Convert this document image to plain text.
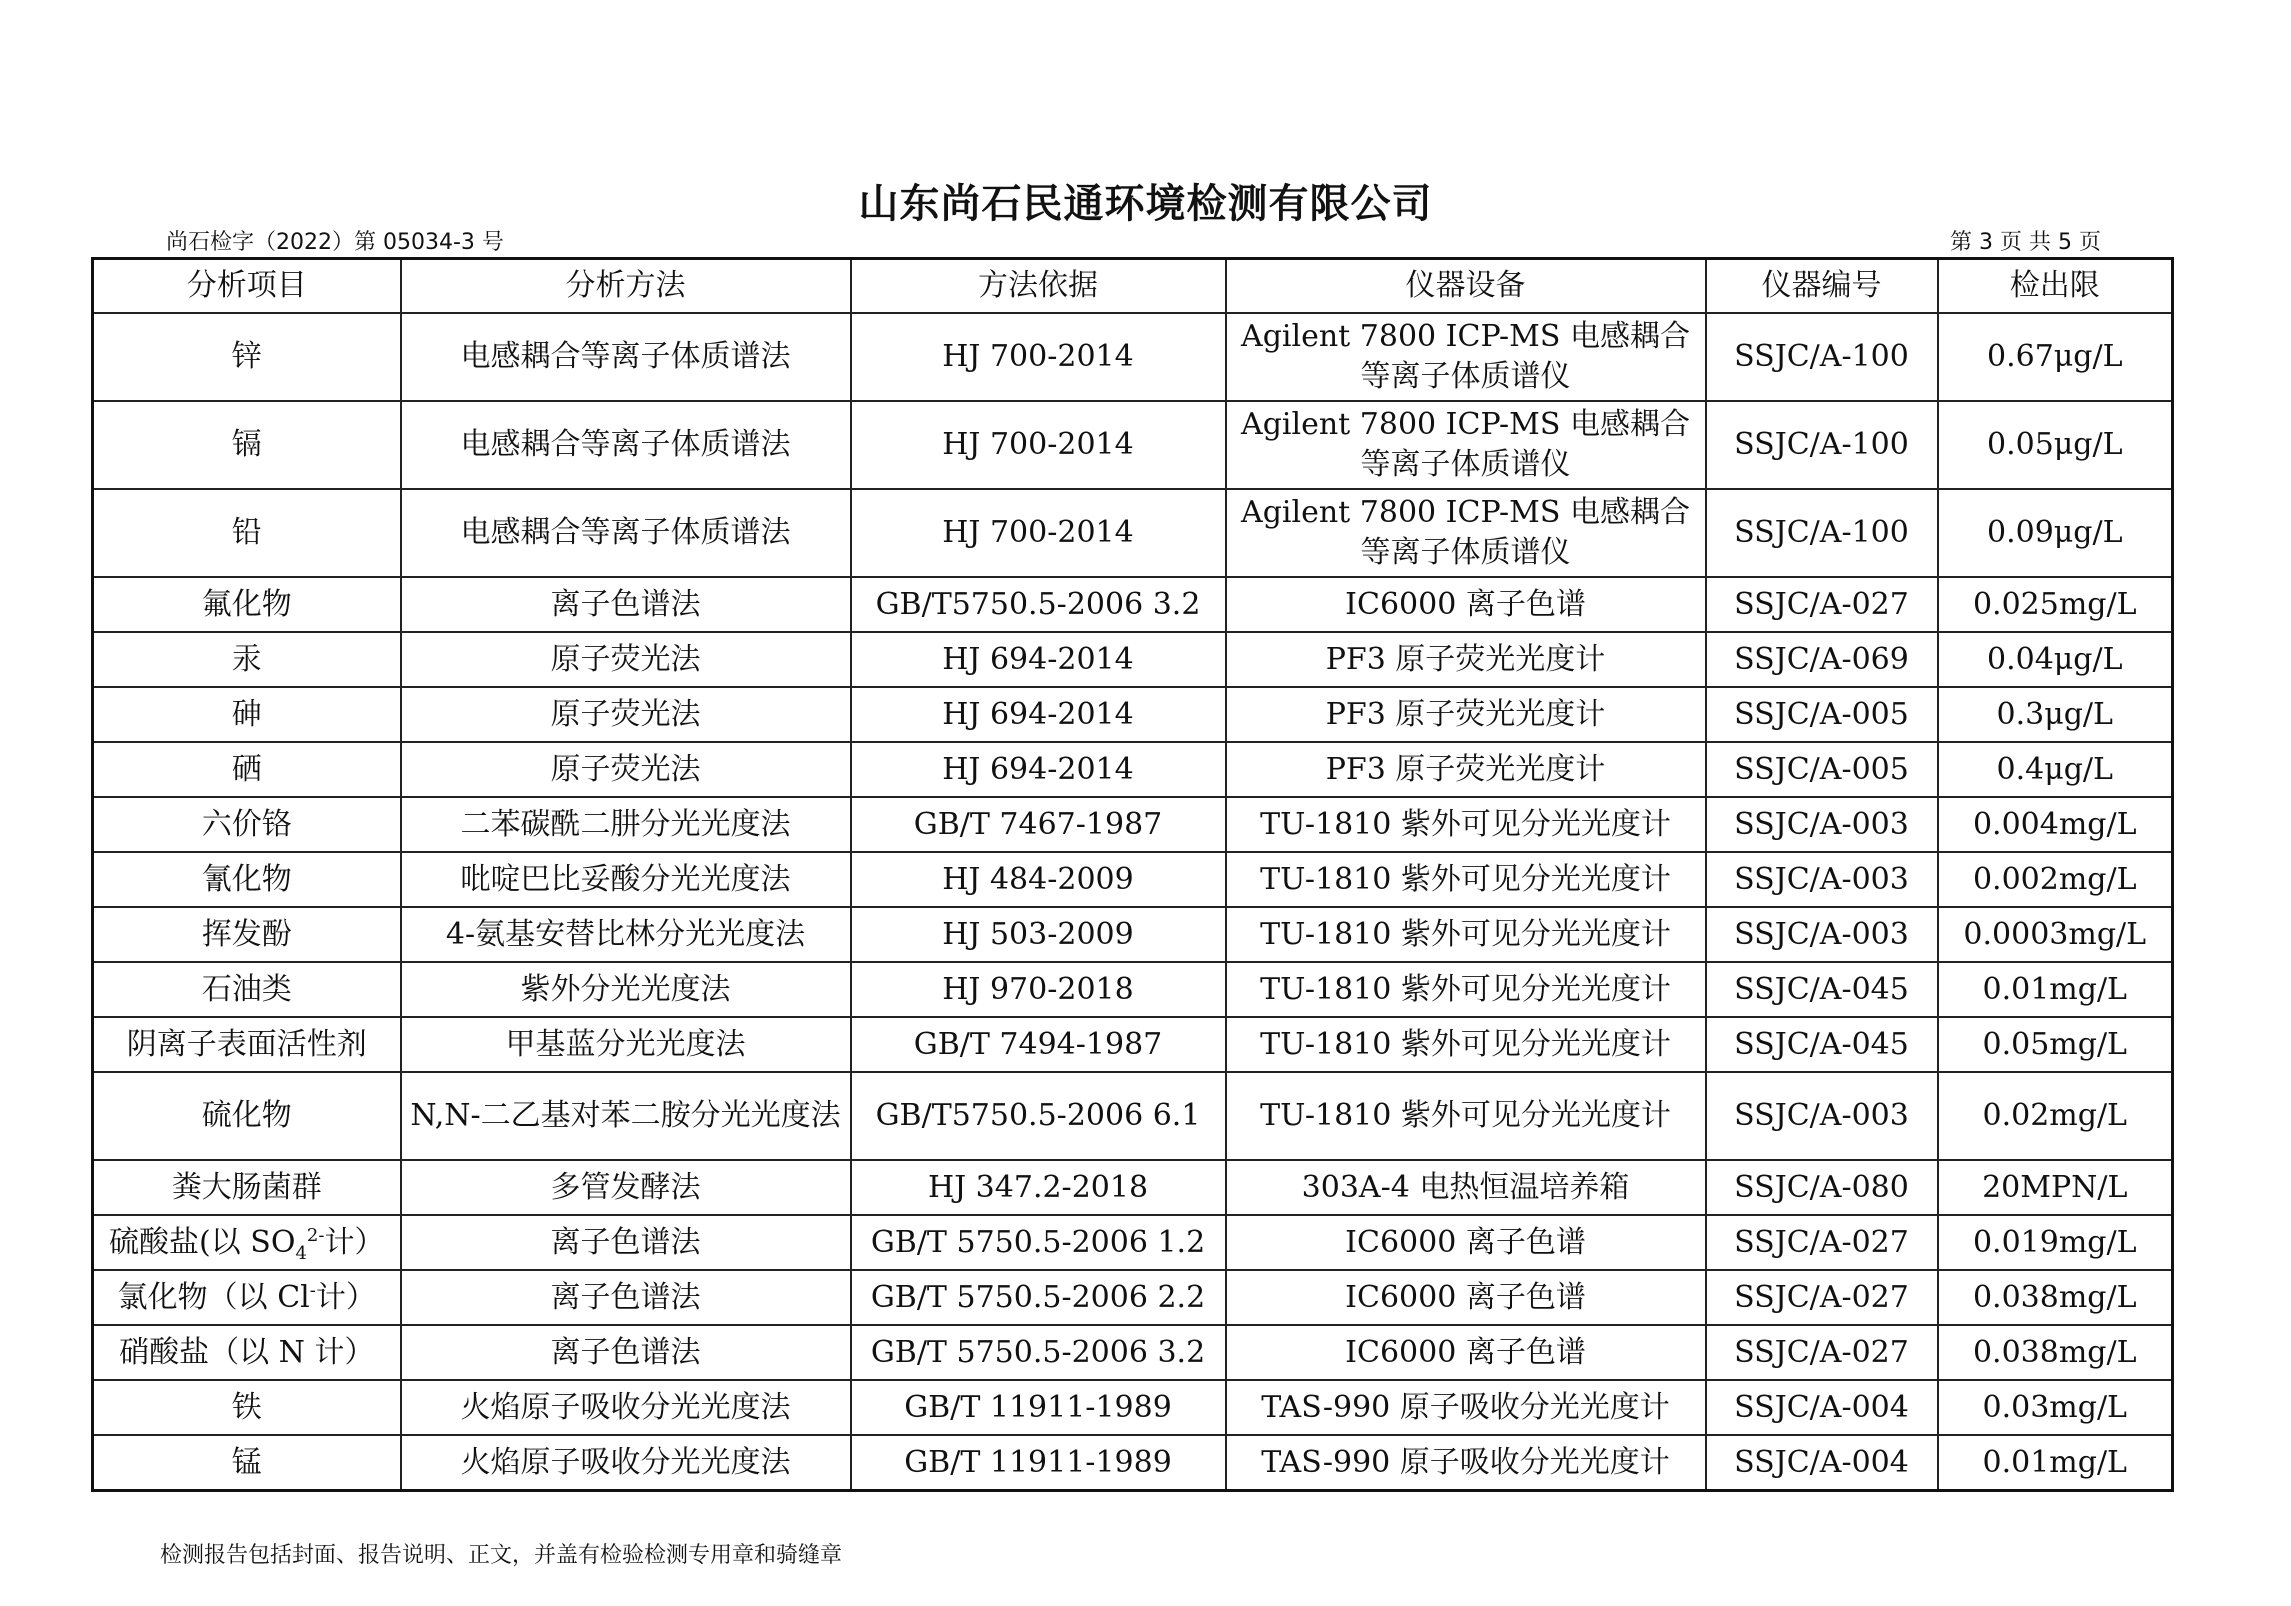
山东尚石民通环境检测有限公司
尚石检字（2022）第 05034-3 号	第 3 页 共 5 页
分析项目	分析方法	方法依据	仪器设备	仪器编号	检出限
锌	电感耦合等离子体质谱法	HJ 700-2014	Agilent 7800 ICP-MS 电感耦合等离子体质谱仪	SSJC/A-100	0.67μg/L
镉	电感耦合等离子体质谱法	HJ 700-2014	Agilent 7800 ICP-MS 电感耦合等离子体质谱仪	SSJC/A-100	0.05μg/L
铅	电感耦合等离子体质谱法	HJ 700-2014	Agilent 7800 ICP-MS 电感耦合等离子体质谱仪	SSJC/A-100	0.09μg/L
氟化物	离子色谱法	GB/T5750.5-2006 3.2	IC6000 离子色谱	SSJC/A-027	0.025mg/L
汞	原子荧光法	HJ 694-2014	PF3 原子荧光光度计	SSJC/A-069	0.04μg/L
砷	原子荧光法	HJ 694-2014	PF3 原子荧光光度计	SSJC/A-005	0.3μg/L
硒	原子荧光法	HJ 694-2014	PF3 原子荧光光度计	SSJC/A-005	0.4μg/L
六价铬	二苯碳酰二肼分光光度法	GB/T 7467-1987	TU-1810 紫外可见分光光度计	SSJC/A-003	0.004mg/L
氰化物	吡啶巴比妥酸分光光度法	HJ 484-2009	TU-1810 紫外可见分光光度计	SSJC/A-003	0.002mg/L
挥发酚	4-氨基安替比林分光光度法	HJ 503-2009	TU-1810 紫外可见分光光度计	SSJC/A-003	0.0003mg/L
石油类	紫外分光光度法	HJ 970-2018	TU-1810 紫外可见分光光度计	SSJC/A-045	0.01mg/L
阴离子表面活性剂	甲基蓝分光光度法	GB/T 7494-1987	TU-1810 紫外可见分光光度计	SSJC/A-045	0.05mg/L
硫化物	N,N-二乙基对苯二胺分光光度法	GB/T5750.5-2006 6.1	TU-1810 紫外可见分光光度计	SSJC/A-003	0.02mg/L
粪大肠菌群	多管发酵法	HJ 347.2-2018	303A-4 电热恒温培养箱	SSJC/A-080	20MPN/L
硫酸盐(以 $SO_4^{2-}$计）	离子色谱法	GB/T 5750.5-2006 1.2	IC6000 离子色谱	SSJC/A-027	0.019mg/L
氯化物（以 Cl-计）	离子色谱法	GB/T 5750.5-2006 2.2	IC6000 离子色谱	SSJC/A-027	0.038mg/L
硝酸盐（以 N 计）	离子色谱法	GB/T 5750.5-2006 3.2	IC6000 离子色谱	SSJC/A-027	0.038mg/L
铁	火焰原子吸收分光光度法	GB/T 11911-1989	TAS-990 原子吸收分光光度计	SSJC/A-004	0.03mg/L
锰	火焰原子吸收分光光度法	GB/T 11911-1989	TAS-990 原子吸收分光光度计	SSJC/A-004	0.01mg/L
检测报告包括封面、报告说明、正文，并盖有检验检测专用章和骑缝章
